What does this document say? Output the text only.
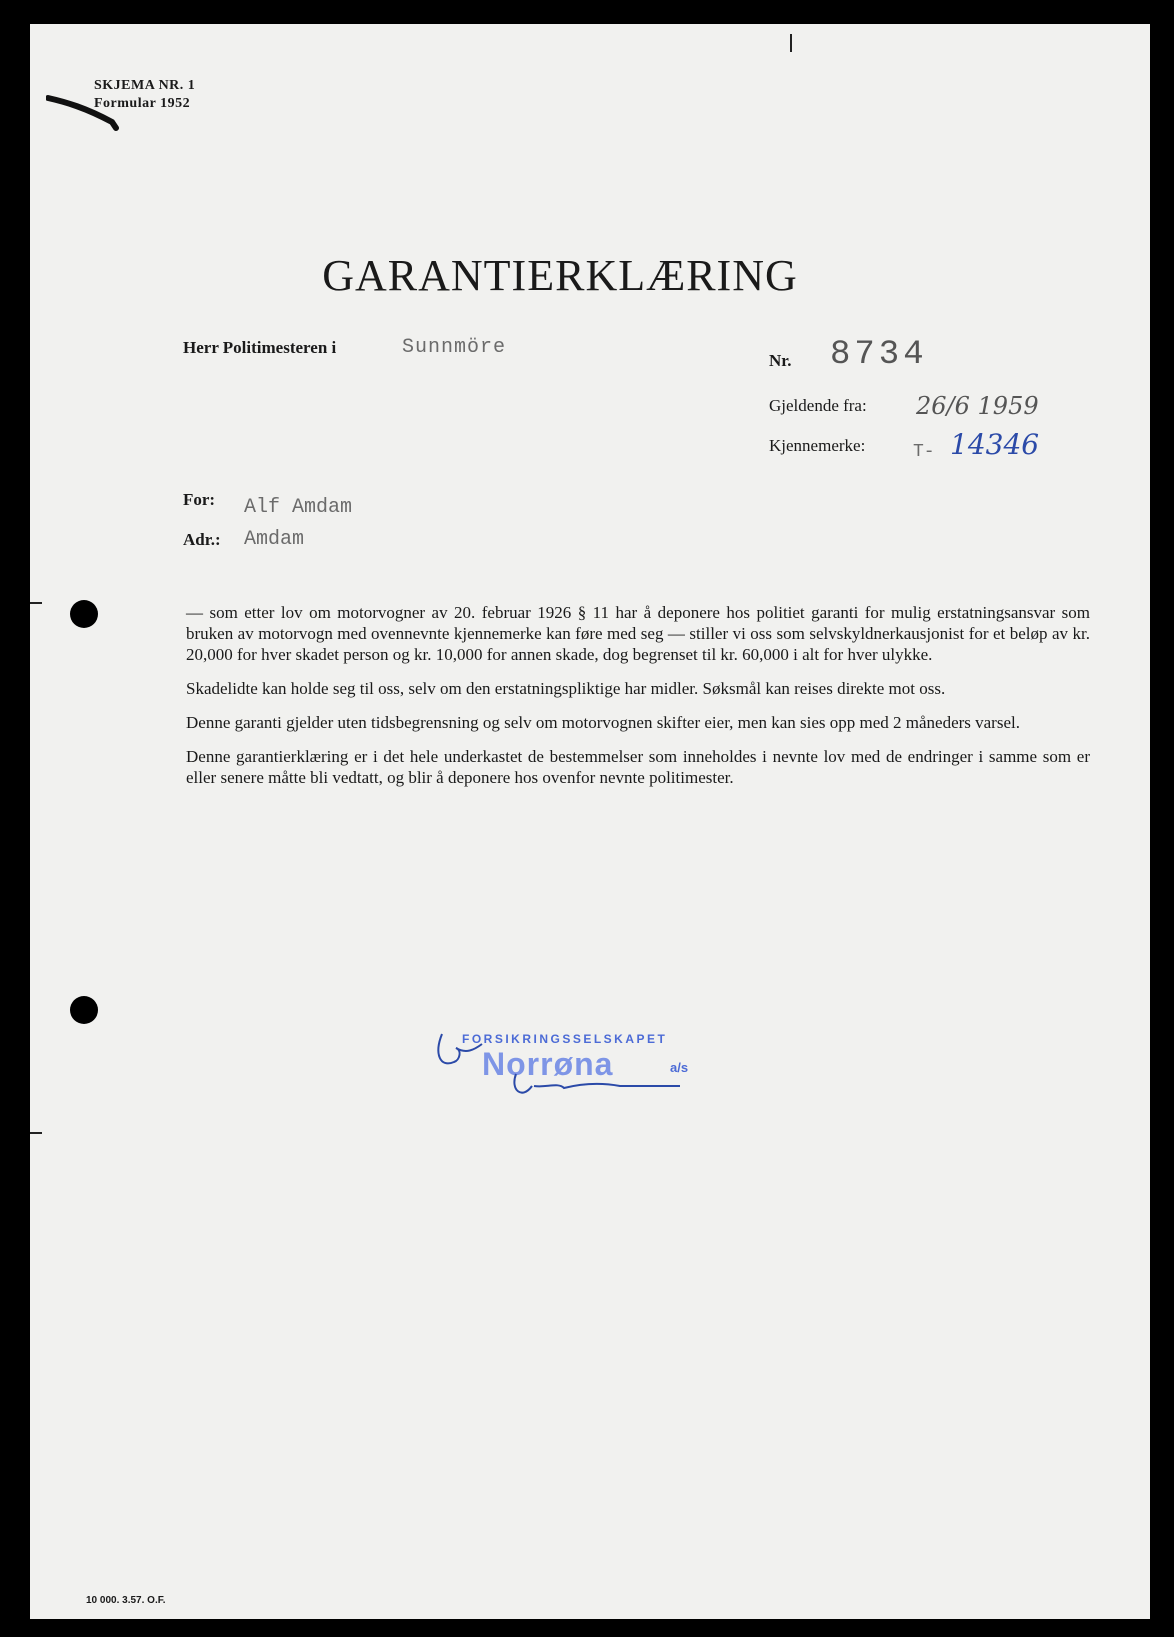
SKJEMA NR. 1
Formular 1952
GARANTIERKLÆRING
Herr Politimesteren i	Sunnmöre
Nr. 8734
Gjeldende fra: 26/6 1959
Kjennemerke:	T- 14346
For: Alf Amdam
Adr.: Amdam

— som etter lov om motorvogner av 20. februar 1926 § 11 har å deponere hos politiet garanti for mulig erstatningsansvar som bruken av motorvogn med ovennevnte kjennemerke kan føre med seg — stiller vi oss som selvskyldnerkausjonist for et beløp av kr. 20,000 for hver skadet person og kr. 10,000 for annen skade, dog begrenset til kr. 60,000 i alt for hver ulykke.

Skadelidte kan holde seg til oss, selv om den erstatningspliktige har midler. Søksmål kan reises direkte mot oss.

Denne garanti gjelder uten tidsbegrensning og selv om motorvognen skifter eier, men kan sies opp med 2 måneders varsel.

Denne garantierklæring er i det hele underkastet de bestemmelser som inneholdes i nevnte lov med de endringer i samme som er eller senere måtte bli vedtatt, og blir å deponere hos ovenfor nevnte politimester.

FORSIKRINGSSELSKAPET
Norrøna	a/s
10 000. 3.57. O.F.
